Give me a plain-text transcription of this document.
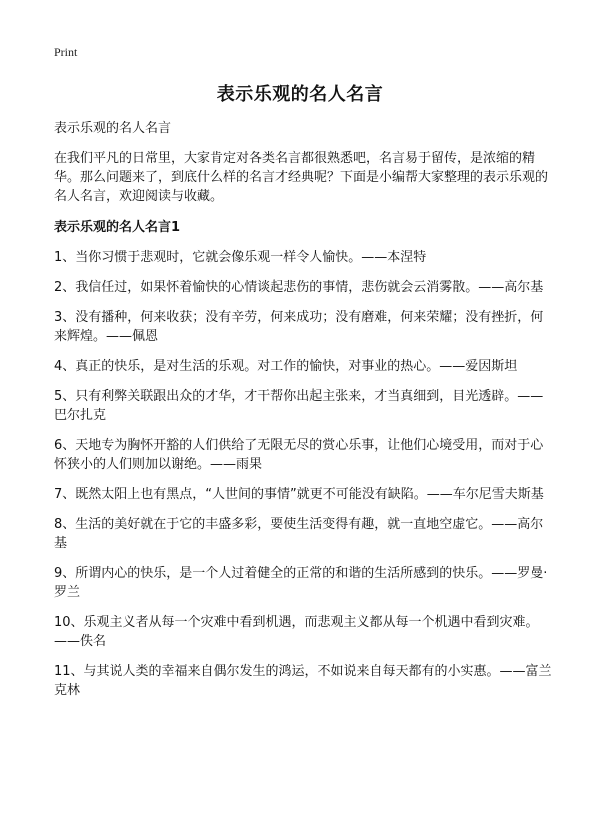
Print
表示乐观的名人名言

表示乐观的名人名言

在我们平凡的日常里，大家肯定对各类名言都很熟悉吧，名言易于留传，是浓缩的精华。那么问题来了，到底什么样的名言才经典呢？下面是小编帮大家整理的表示乐观的名人名言，欢迎阅读与收藏。

表示乐观的名人名言1

1、当你习惯于悲观时，它就会像乐观一样令人愉快。——本涅特

2、我信任过，如果怀着愉快的心情谈起悲伤的事情，悲伤就会云消雾散。——高尔基

3、没有播种，何来收获；没有辛劳，何来成功；没有磨难，何来荣耀；没有挫折，何来辉煌。——佩恩

4、真正的快乐，是对生活的乐观。对工作的愉快，对事业的热心。——爱因斯坦

5、只有利弊关联跟出众的才华，才干帮你出起主张来，才当真细到，目光透辟。——巴尔扎克

6、天地专为胸怀开豁的人们供给了无限无尽的赏心乐事，让他们心境受用，而对于心怀狭小的人们则加以谢绝。——雨果

7、既然太阳上也有黑点，“人世间的事情”就更不可能没有缺陷。——车尔尼雪夫斯基

8、生活的美好就在于它的丰盛多彩，要使生活变得有趣，就一直地空虚它。——高尔基

9、所谓内心的快乐，是一个人过着健全的正常的和谐的生活所感到的快乐。——罗曼·罗兰

10、乐观主义者从每一个灾难中看到机遇，而悲观主义都从每一个机遇中看到灾难。——佚名

11、与其说人类的幸福来自偶尔发生的鸿运，不如说来自每天都有的小实惠。——富兰克林
